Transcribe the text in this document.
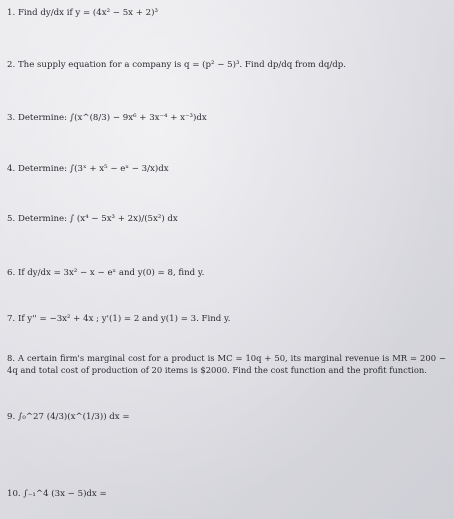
1. Find dy/dx if y = (4x² − 5x + 2)³
2. The supply equation for a company is q = (p² − 5)³. Find dp/dq from dq/dp.
3. Determine: ∫(x^(8/3) − 9x⁶ + 3x⁻⁴ + x⁻³)dx
4. Determine: ∫(3ˣ + x⁵ − eˣ − 3/x)dx
5. Determine: ∫ (x⁴ − 5x³ + 2x)/(5x²) dx
6. If dy/dx = 3x² − x − eˣ and y(0) = 8, find y.
7. If y'' = −3x² + 4x ; y'(1) = 2 and y(1) = 3. Find y.
8. A certain firm's marginal cost for a product is MC = 10q + 50, its marginal revenue is MR = 200 − 4q and total cost of production of 20 items is $2000. Find the cost function and the profit function.
9. ∫₀^27 (4/3)(x^(1/3)) dx =
10. ∫₋₁^4 (3x − 5)dx =
